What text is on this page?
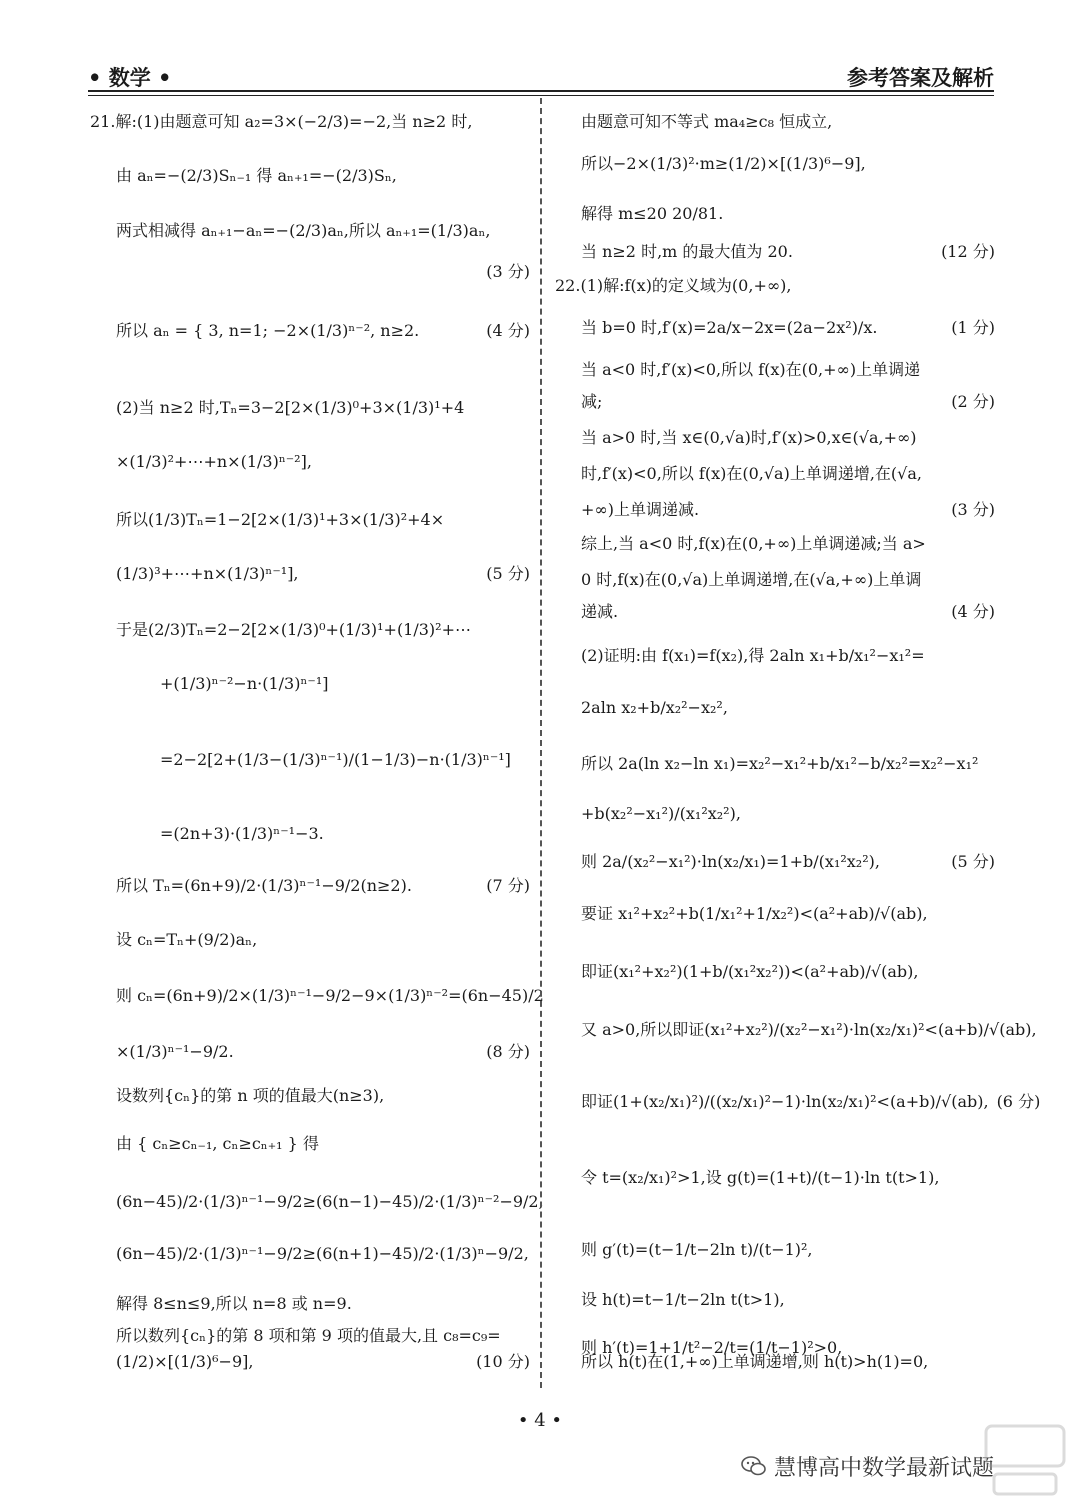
• 数学 •	参考答案及解析
21.解:(1)由题意可知 a₂=3×(−2/3)=−2,当 n≥2 时,
由 aₙ=−(2/3)Sₙ₋₁ 得 aₙ₊₁=−(2/3)Sₙ,
两式相减得 aₙ₊₁−aₙ=−(2/3)aₙ,所以 aₙ₊₁=(1/3)aₙ,
(3 分)
所以 aₙ = { 3, n=1; −2×(1/3)ⁿ⁻², n≥2.	(4 分)
(2)当 n≥2 时,Tₙ=3−2[2×(1/3)⁰+3×(1/3)¹+4
×(1/3)²+⋯+n×(1/3)ⁿ⁻²],
所以(1/3)Tₙ=1−2[2×(1/3)¹+3×(1/3)²+4×
(1/3)³+⋯+n×(1/3)ⁿ⁻¹],	(5 分)
于是(2/3)Tₙ=2−2[2×(1/3)⁰+(1/3)¹+(1/3)²+⋯
+(1/3)ⁿ⁻²−n·(1/3)ⁿ⁻¹]
=2−2[2+(1/3−(1/3)ⁿ⁻¹)/(1−1/3)−n·(1/3)ⁿ⁻¹]
=(2n+3)·(1/3)ⁿ⁻¹−3.
所以 Tₙ=(6n+9)/2·(1/3)ⁿ⁻¹−9/2(n≥2).	(7 分)
设 cₙ=Tₙ+(9/2)aₙ,
则 cₙ=(6n+9)/2×(1/3)ⁿ⁻¹−9/2−9×(1/3)ⁿ⁻²=(6n−45)/2
×(1/3)ⁿ⁻¹−9/2.	(8 分)
设数列{cₙ}的第 n 项的值最大(n≥3),
由 { cₙ≥cₙ₋₁, cₙ≥cₙ₊₁ } 得
(6n−45)/2·(1/3)ⁿ⁻¹−9/2≥(6(n−1)−45)/2·(1/3)ⁿ⁻²−9/2,
(6n−45)/2·(1/3)ⁿ⁻¹−9/2≥(6(n+1)−45)/2·(1/3)ⁿ−9/2,
解得 8≤n≤9,所以 n=8 或 n=9.
所以数列{cₙ}的第 8 项和第 9 项的值最大,且 c₈=c₉=
(1/2)×[(1/3)⁶−9],	(10 分)
由题意可知不等式 ma₄≥c₈ 恒成立,
所以−2×(1/3)²·m≥(1/2)×[(1/3)⁶−9],
解得 m≤20 20/81.
当 n≥2 时,m 的最大值为 20.	(12 分)
22.(1)解:f(x)的定义域为(0,+∞),
当 b=0 时,f′(x)=2a/x−2x=(2a−2x²)/x.	(1 分)
当 a<0 时,f′(x)<0,所以 f(x)在(0,+∞)上单调递
减;	(2 分)
当 a>0 时,当 x∈(0,√a)时,f′(x)>0,x∈(√a,+∞)
时,f′(x)<0,所以 f(x)在(0,√a)上单调递增,在(√a,
+∞)上单调递减.	(3 分)
综上,当 a<0 时,f(x)在(0,+∞)上单调递减;当 a>
0 时,f(x)在(0,√a)上单调递增,在(√a,+∞)上单调
递减.	(4 分)
(2)证明:由 f(x₁)=f(x₂),得 2aln x₁+b/x₁²−x₁²=
2aln x₂+b/x₂²−x₂²,
所以 2a(ln x₂−ln x₁)=x₂²−x₁²+b/x₁²−b/x₂²=x₂²−x₁²
+b(x₂²−x₁²)/(x₁²x₂²),
则 2a/(x₂²−x₁²)·ln(x₂/x₁)=1+b/(x₁²x₂²),	(5 分)
要证 x₁²+x₂²+b(1/x₁²+1/x₂²)<(a²+ab)/√(ab),
即证(x₁²+x₂²)(1+b/(x₁²x₂²))<(a²+ab)/√(ab),
又 a>0,所以即证(x₁²+x₂²)/(x₂²−x₁²)·ln(x₂/x₁)²<(a+b)/√(ab),
即证(1+(x₂/x₁)²)/((x₂/x₁)²−1)·ln(x₂/x₁)²<(a+b)/√(ab), (6 分)
令 t=(x₂/x₁)²>1,设 g(t)=(1+t)/(t−1)·ln t(t>1),
则 g′(t)=(t−1/t−2ln t)/(t−1)²,
设 h(t)=t−1/t−2ln t(t>1),
则 h′(t)=1+1/t²−2/t=(1/t−1)²>0,
所以 h(t)在(1,+∞)上单调递增,则 h(t)>h(1)=0,
• 4 •
慧博高中数学最新试题
